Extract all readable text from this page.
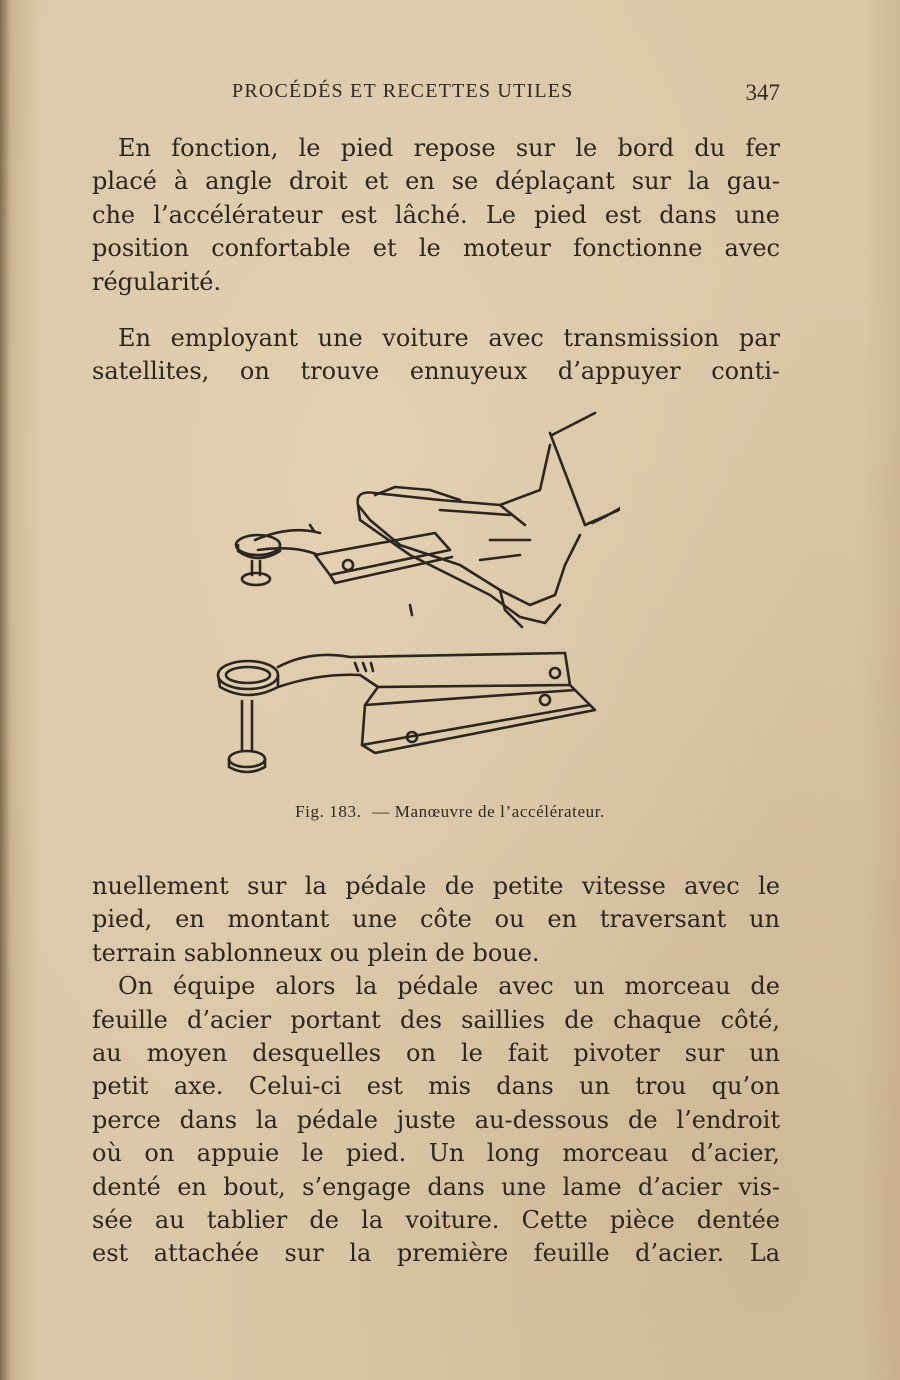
PROCÉDÉS ET RECETTES UTILES	347
En fonction, le pied repose sur le bord du fer
placé à angle droit et en se déplaçant sur la gau-
che l’accélérateur est lâché. Le pied est dans une
position confortable et le moteur fonctionne avec
régularité.
En employant une voiture avec transmission par
satellites, on trouve ennuyeux d’appuyer conti-
Fig. 183. — Manœuvre de l’accélérateur.
nuellement sur la pédale de petite vitesse avec le
pied, en montant une côte ou en traversant un
terrain sablonneux ou plein de boue.
On équipe alors la pédale avec un morceau de
feuille d’acier portant des saillies de chaque côté,
au moyen desquelles on le fait pivoter sur un
petit axe. Celui-ci est mis dans un trou qu’on
perce dans la pédale juste au-dessous de l’endroit
où on appuie le pied. Un long morceau d’acier,
denté en bout, s’engage dans une lame d’acier vis-
sée au tablier de la voiture. Cette pièce dentée
est attachée sur la première feuille d’acier. La
